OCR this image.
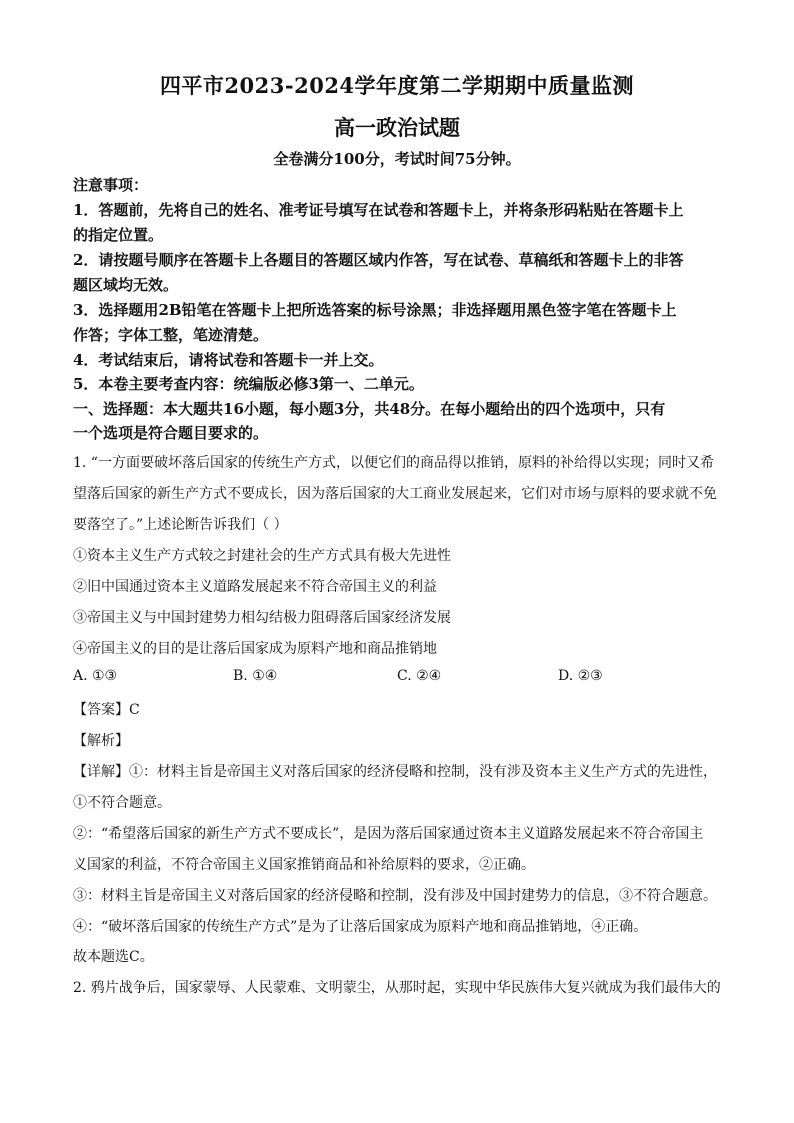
四平市2023-2024学年度第二学期期中质量监测
高一政治试题
全卷满分100分，考试时间75分钟。
注意事项：
1．答题前，先将自己的姓名、准考证号填写在试卷和答题卡上，并将条形码粘贴在答题卡上
的指定位置。
2．请按题号顺序在答题卡上各题目的答题区域内作答，写在试卷、草稿纸和答题卡上的非答
题区域均无效。
3．选择题用2B铅笔在答题卡上把所选答案的标号涂黑；非选择题用黑色签字笔在答题卡上
作答；字体工整，笔迹清楚。
4．考试结束后，请将试卷和答题卡一并上交。
5．本卷主要考查内容：统编版必修3第一、二单元。
一、选择题：本大题共16小题，每小题3分，共48分。在每小题给出的四个选项中，只有
一个选项是符合题目要求的。
1. “一方面要破坏落后国家的传统生产方式，以便它们的商品得以推销，原料的补给得以实现；同时又希
望落后国家的新生产方式不要成长，因为落后国家的大工商业发展起来，它们对市场与原料的要求就不免
要落空了。”上述论断告诉我们（ ）
①资本主义生产方式较之封建社会的生产方式具有极大先进性
②旧中国通过资本主义道路发展起来不符合帝国主义的利益
③帝国主义与中国封建势力相勾结极力阻碍落后国家经济发展
④帝国主义的目的是让落后国家成为原料产地和商品推销地
A. ①③	B. ①④	C. ②④	D. ②③
【答案】C
【解析】
【详解】①：材料主旨是帝国主义对落后国家的经济侵略和控制，没有涉及资本主义生产方式的先进性，
①不符合题意。
②：“希望落后国家的新生产方式不要成长”，是因为落后国家通过资本主义道路发展起来不符合帝国主
义国家的利益，不符合帝国主义国家推销商品和补给原料的要求，②正确。
③：材料主旨是帝国主义对落后国家的经济侵略和控制，没有涉及中国封建势力的信息，③不符合题意。
④：“破坏落后国家的传统生产方式”是为了让落后国家成为原料产地和商品推销地，④正确。
故本题选C。
2. 鸦片战争后，国家蒙辱、人民蒙难、文明蒙尘，从那时起，实现中华民族伟大复兴就成为我们最伟大的
